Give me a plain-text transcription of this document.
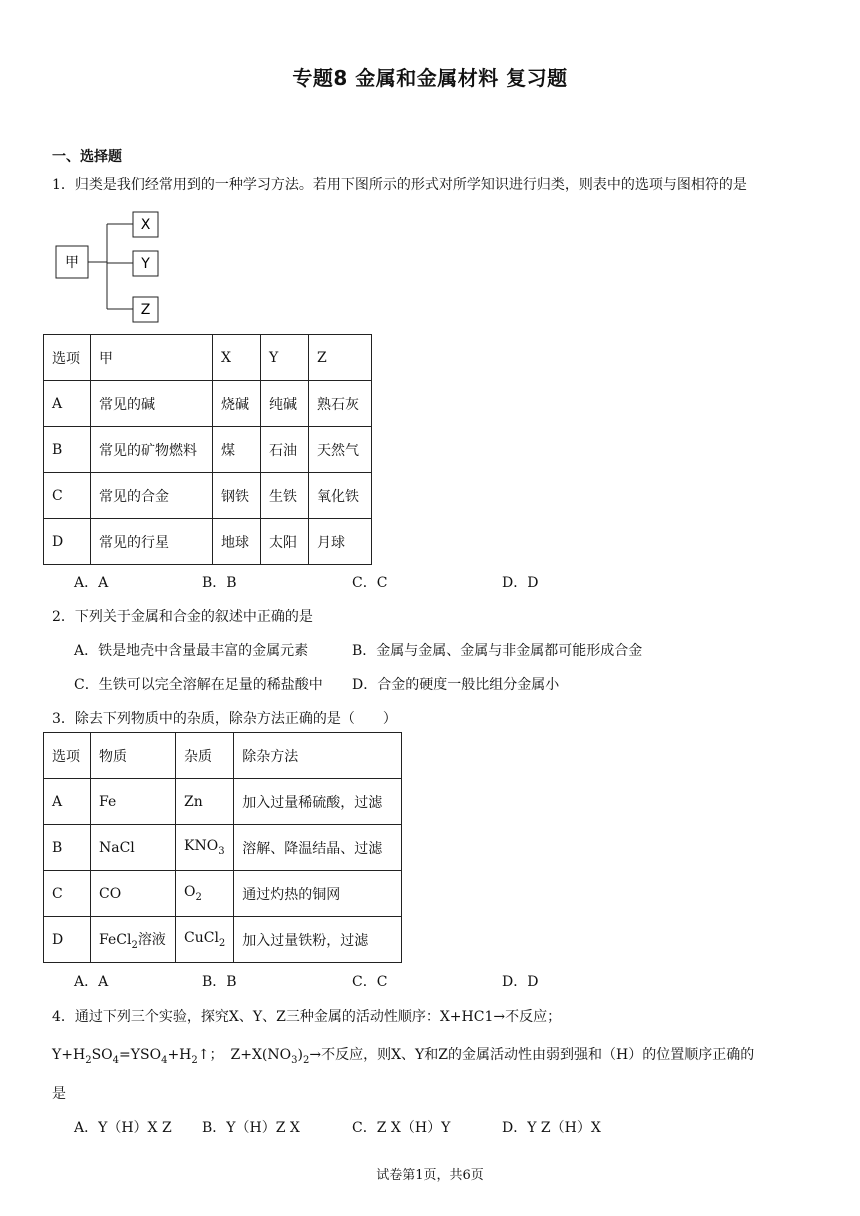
专题8 金属和金属材料 复习题
一、选择题
1．归类是我们经常用到的一种学习方法。若用下图所示的形式对所学知识进行归类，则表中的选项与图相符的是
甲
X
Y
Z
选项	甲	X	Y	Z
A	常见的碱	烧碱	纯碱	熟石灰
B	常见的矿物燃料	煤	石油	天然气
C	常见的合金	钢铁	生铁	氧化铁
D	常见的行星	地球	太阳	月球
A．A	B．B	C．C	D．D
2．下列关于金属和合金的叙述中正确的是
A．铁是地壳中含量最丰富的金属元素	B．金属与金属、金属与非金属都可能形成合金
C．生铁可以完全溶解在足量的稀盐酸中 D．合金的硬度一般比组分金属小
3．除去下列物质中的杂质，除杂方法正确的是（　　）
选项	物质	杂质	除杂方法
A	Fe	Zn	加入过量稀硫酸，过滤
B	NaCl	$KNO_3$	溶解、降温结晶、过滤
C	CO	$O_2$	通过灼热的铜网
D	FeCl$_2$溶液	CuCl$_2$	加入过量铁粉，过滤
A．A	B．B	C．C	D．D
4．通过下列三个实验，探究X、Y、Z三种金属的活动性顺序：X+HC1→不反应；
$Y+H_2SO_4=YSO_4+H_2↑$；　$Z+X(NO_3)_2\to$不反应，则X、Y和Z的金属活动性由弱到强和（H）的位置顺序正确的
是
A．Y（H）X Z B．Y（H）Z X	C．Z X（H）Y	D．Y Z（H）X
试卷第1页，共6页
